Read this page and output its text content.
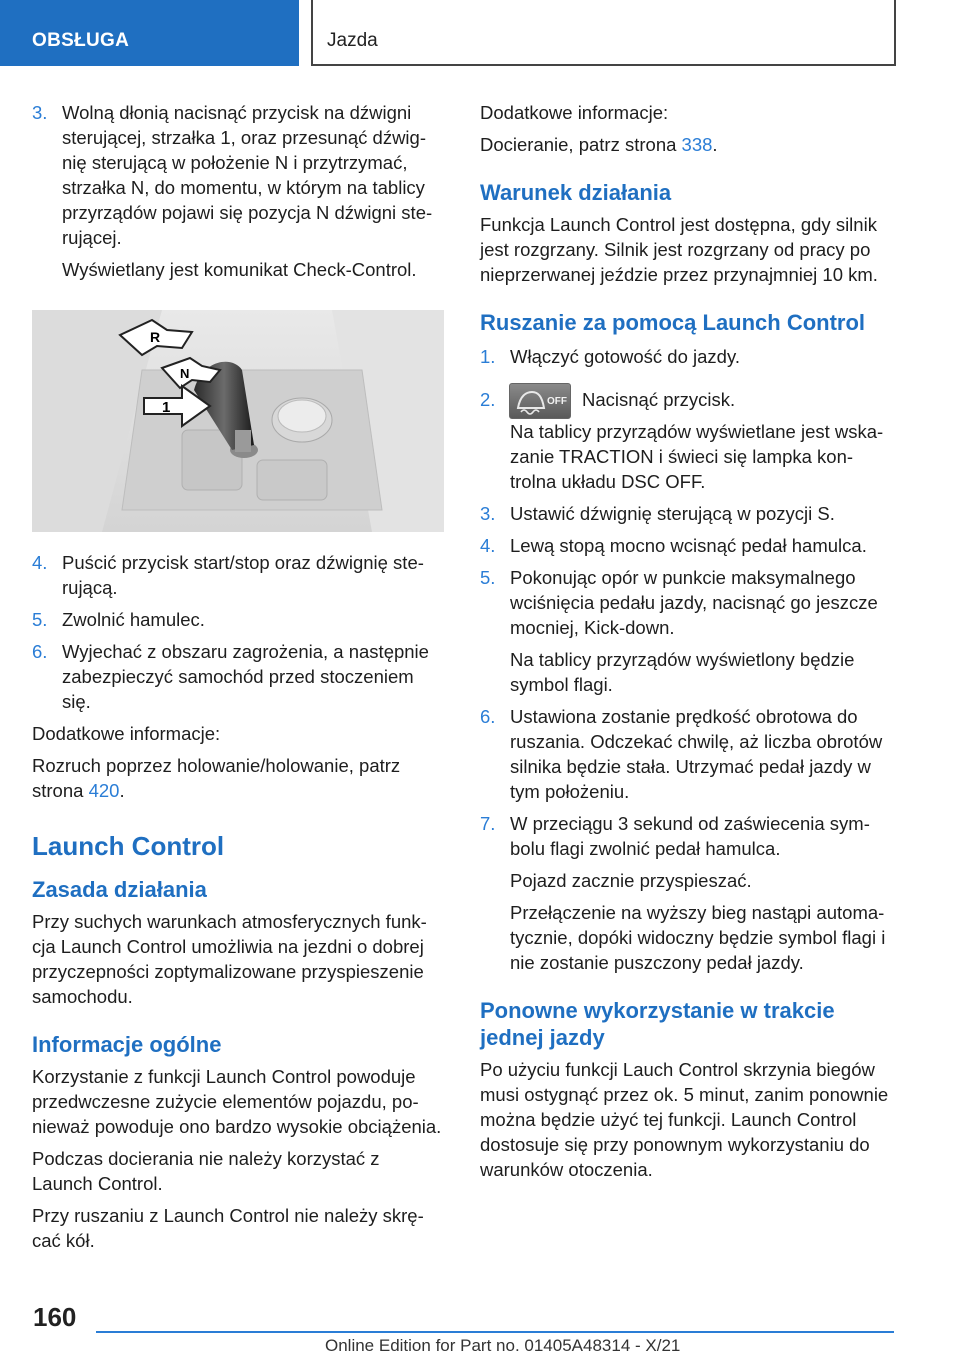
OBSŁUGA	Jazda
3. Wolną dłonią nacisnąć przycisk na dźwigni sterującej, strzałka 1, oraz przesunąć dźwignię sterującą w położenie N i przytrzymać, strzałka N, do momentu, w którym na tablicy przyrządów pojawi się pozycja N dźwigni sterującej.

Wyświetlany jest komunikat Check-Control.

R
N
1
4. Puścić przycisk start/stop oraz dźwignię sterującą.

5. Zwolnić hamulec.

6. Wyjechać z obszaru zagrożenia, a następnie zabezpieczyć samochód przed stoczeniem się.

Dodatkowe informacje:

Rozruch poprzez holowanie/holowanie, patrz strona 420.

Launch Control
Zasada działania

Przy suchych warunkach atmosferycznych funkcja Launch Control umożliwia na jezdni o dobrej przyczepności zoptymalizowane przyspieszenie samochodu.

Informacje ogólne

Korzystanie z funkcji Launch Control powoduje przedwczesne zużycie elementów pojazdu, ponieważ powoduje ono bardzo wysokie obciążenia.

Podczas docierania nie należy korzystać z Launch Control.

Przy ruszaniu z Launch Control nie należy skręcać kół.

Dodatkowe informacje:

Docieranie, patrz strona 338.

Warunek działania

Funkcja Launch Control jest dostępna, gdy silnik jest rozgrzany. Silnik jest rozgrzany od pracy po nieprzerwanej jeździe przez przynajmniej 10 km.

Ruszanie za pomocą Launch Control
1. Włączyć gotowość do jazdy.

2.	OFF Nacisnąć przycisk.

Na tablicy przyrządów wyświetlane jest wskazanie TRACTION i świeci się lampka kontrolna układu DSC OFF.

3. Ustawić dźwignię sterującą w pozycji S.

4. Lewą stopą mocno wcisnąć pedał hamulca.

5. Pokonując opór w punkcie maksymalnego wciśnięcia pedału jazdy, nacisnąć go jeszcze mocniej, Kick-down.

Na tablicy przyrządów wyświetlony będzie symbol flagi.

6. Ustawiona zostanie prędkość obrotowa do ruszania. Odczekać chwilę, aż liczba obrotów silnika będzie stała. Utrzymać pedał jazdy w tym położeniu.

7. W przeciągu 3 sekund od zaświecenia symbolu flagi zwolnić pedał hamulca.

Pojazd zacznie przyspieszać.

Przełączenie na wyższy bieg nastąpi automatycznie, dopóki widoczny będzie symbol flagi i nie zostanie puszczony pedał jazdy.

Ponowne wykorzystanie w trakcie jednej jazdy

Po użyciu funkcji Lauch Control skrzynia biegów musi ostygnąć przez ok. 5 minut, zanim ponownie można będzie użyć tej funkcji. Launch Control dostosuje się przy ponownym wykorzystaniu do warunków otoczenia.

160
Online Edition for Part no. 01405A48314 - X/21
